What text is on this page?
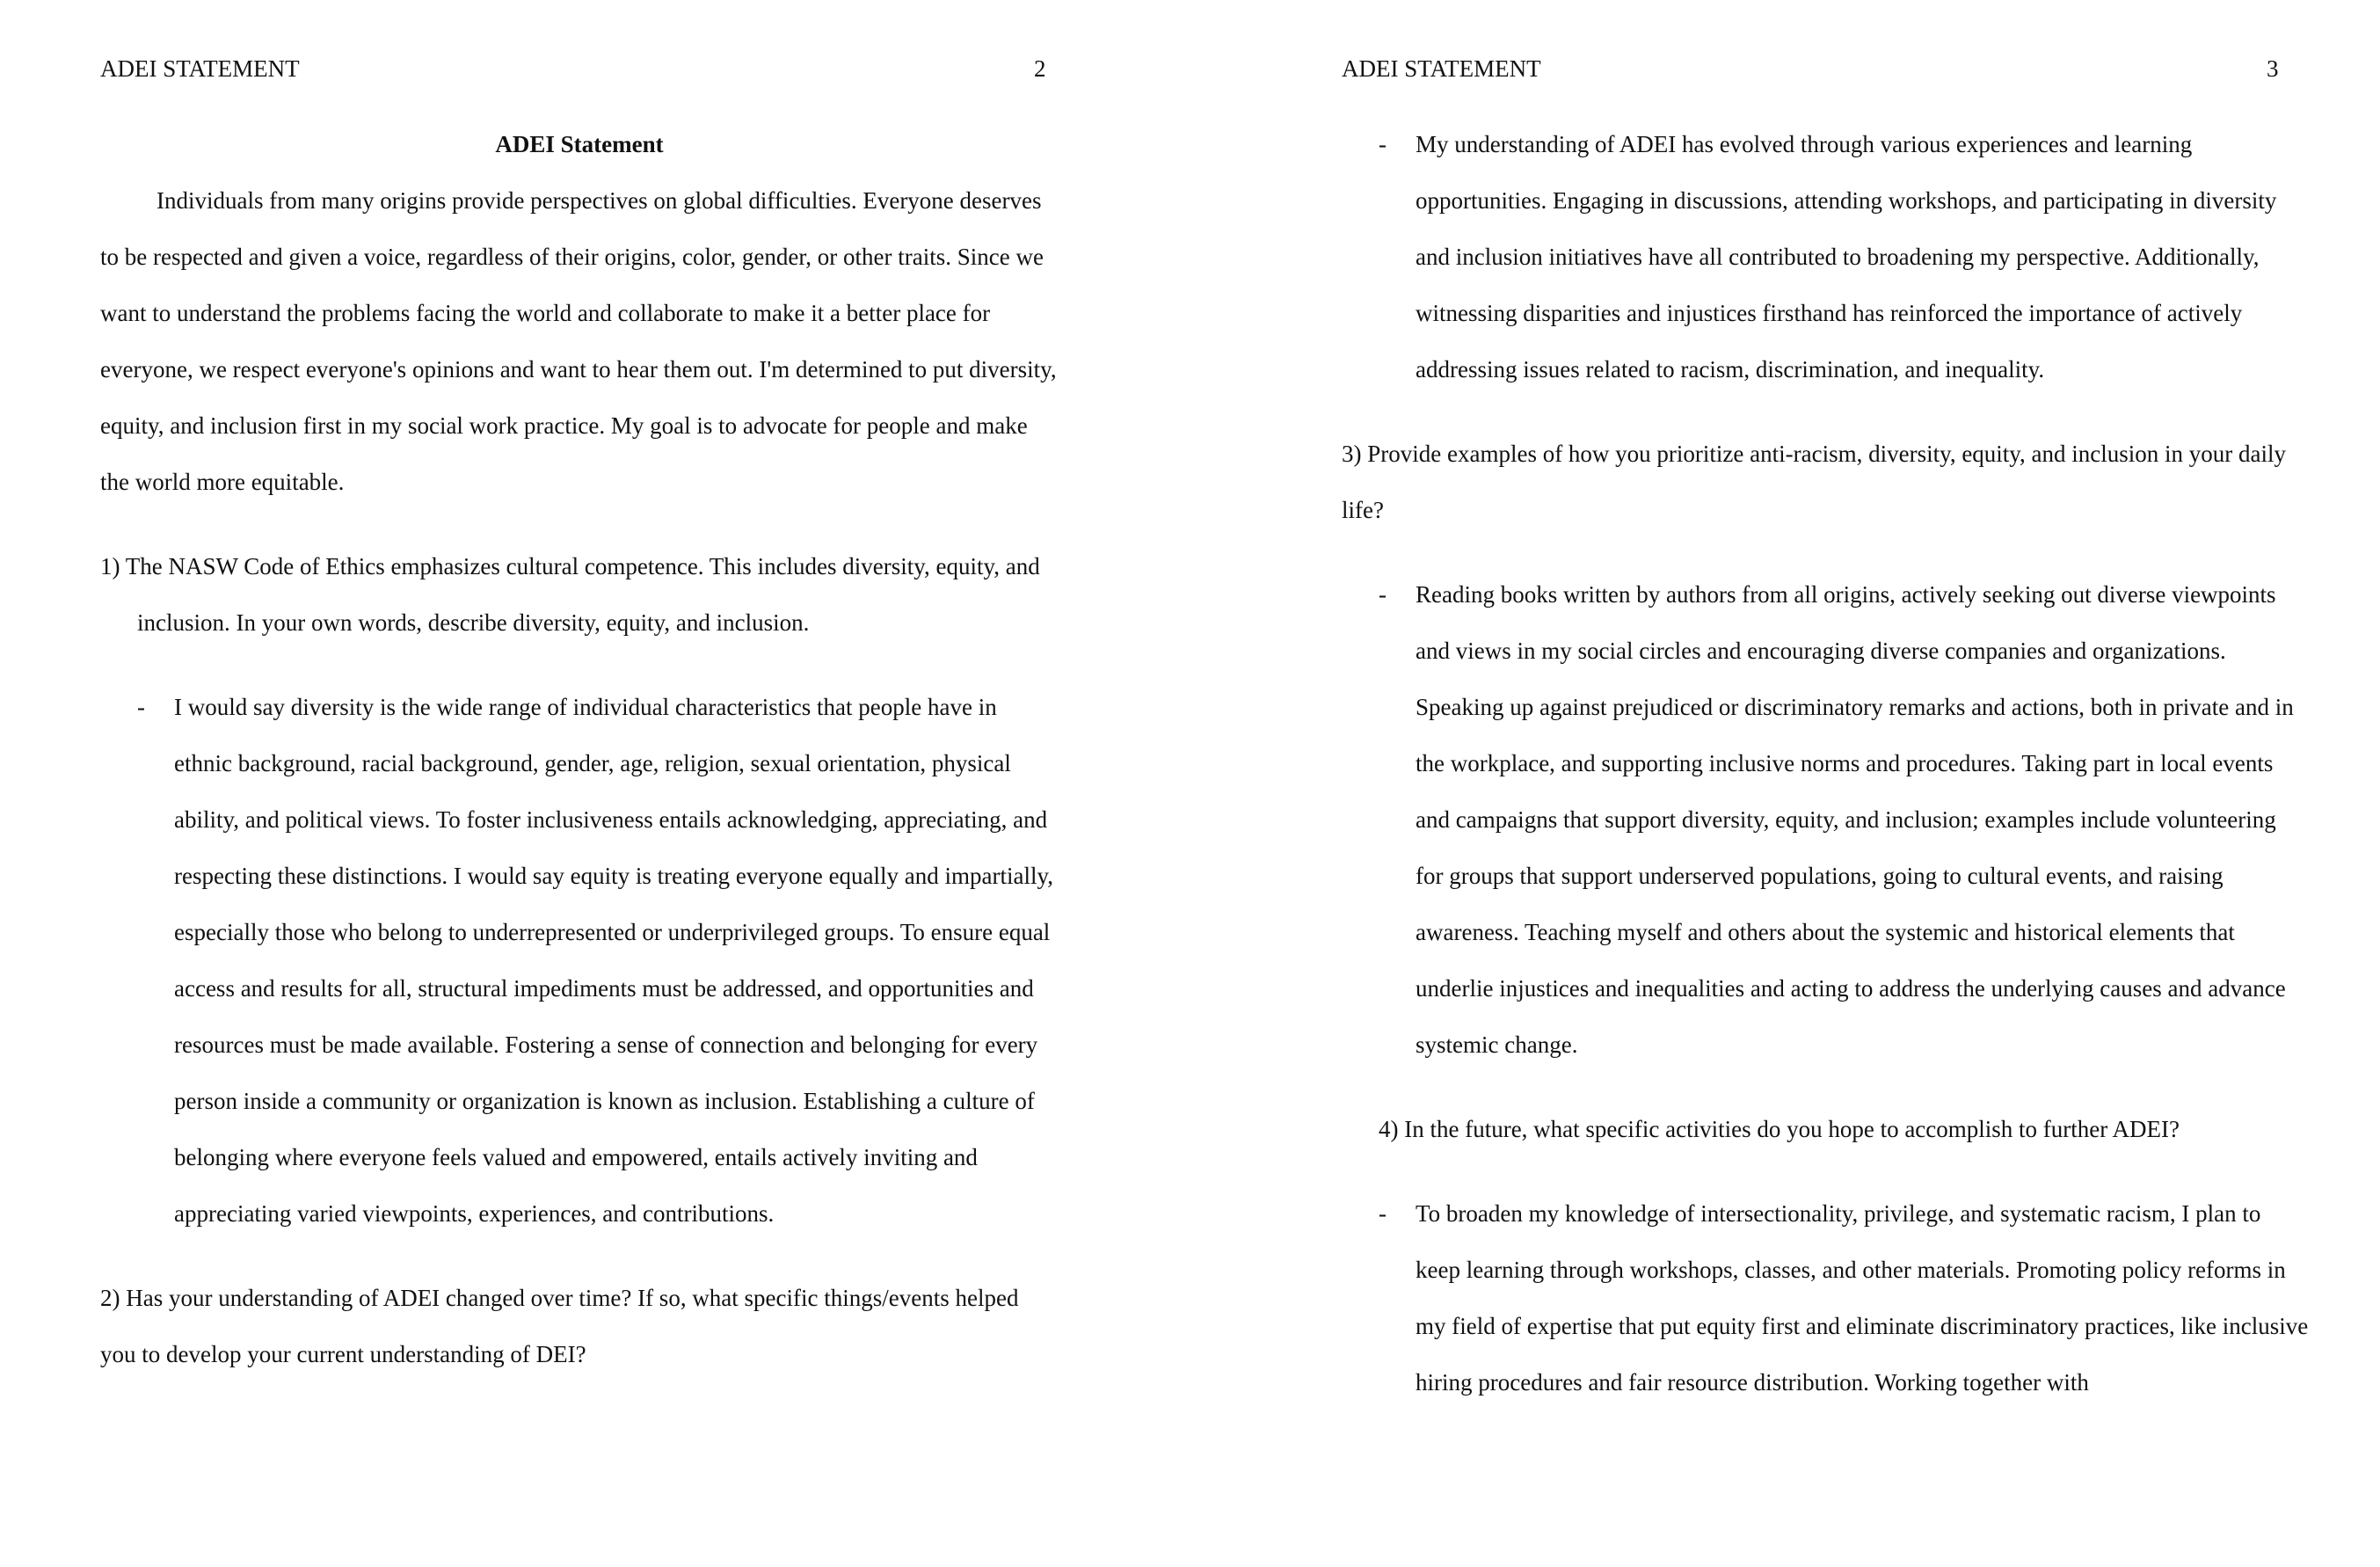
ADEI STATEMENT	2

ADEI Statement

Individuals from many origins provide perspectives on global difficulties. Everyone deserves to be respected and given a voice, regardless of their origins, color, gender, or other traits. Since we want to understand the problems facing the world and collaborate to make it a better place for everyone, we respect everyone's opinions and want to hear them out. I'm determined to put diversity, equity, and inclusion first in my social work practice. My goal is to advocate for people and make the world more equitable.

1) The NASW Code of Ethics emphasizes cultural competence. This includes diversity, equity, and inclusion. In your own words, describe diversity, equity, and inclusion.

- I would say diversity is the wide range of individual characteristics that people have in ethnic background, racial background, gender, age, religion, sexual orientation, physical ability, and political views. To foster inclusiveness entails acknowledging, appreciating, and respecting these distinctions. I would say equity is treating everyone equally and impartially, especially those who belong to underrepresented or underprivileged groups. To ensure equal access and results for all, structural impediments must be addressed, and opportunities and resources must be made available. Fostering a sense of connection and belonging for every person inside a community or organization is known as inclusion. Establishing a culture of belonging where everyone feels valued and empowered, entails actively inviting and appreciating varied viewpoints, experiences, and contributions.

2) Has your understanding of ADEI changed over time? If so, what specific things/events helped you to develop your current understanding of DEI?

ADEI STATEMENT	3
- My understanding of ADEI has evolved through various experiences and learning opportunities. Engaging in discussions, attending workshops, and participating in diversity and inclusion initiatives have all contributed to broadening my perspective. Additionally, witnessing disparities and injustices firsthand has reinforced the importance of actively addressing issues related to racism, discrimination, and inequality.

3) Provide examples of how you prioritize anti-racism, diversity, equity, and inclusion in your daily life?

- Reading books written by authors from all origins, actively seeking out diverse viewpoints and views in my social circles and encouraging diverse companies and organizations. Speaking up against prejudiced or discriminatory remarks and actions, both in private and in the workplace, and supporting inclusive norms and procedures. Taking part in local events and campaigns that support diversity, equity, and inclusion; examples include volunteering for groups that support underserved populations, going to cultural events, and raising awareness. Teaching myself and others about the systemic and historical elements that underlie injustices and inequalities and acting to address the underlying causes and advance systemic change.

4) In the future, what specific activities do you hope to accomplish to further ADEI?

- To broaden my knowledge of intersectionality, privilege, and systematic racism, I plan to keep learning through workshops, classes, and other materials. Promoting policy reforms in my field of expertise that put equity first and eliminate discriminatory practices, like inclusive hiring procedures and fair resource distribution. Working together with
